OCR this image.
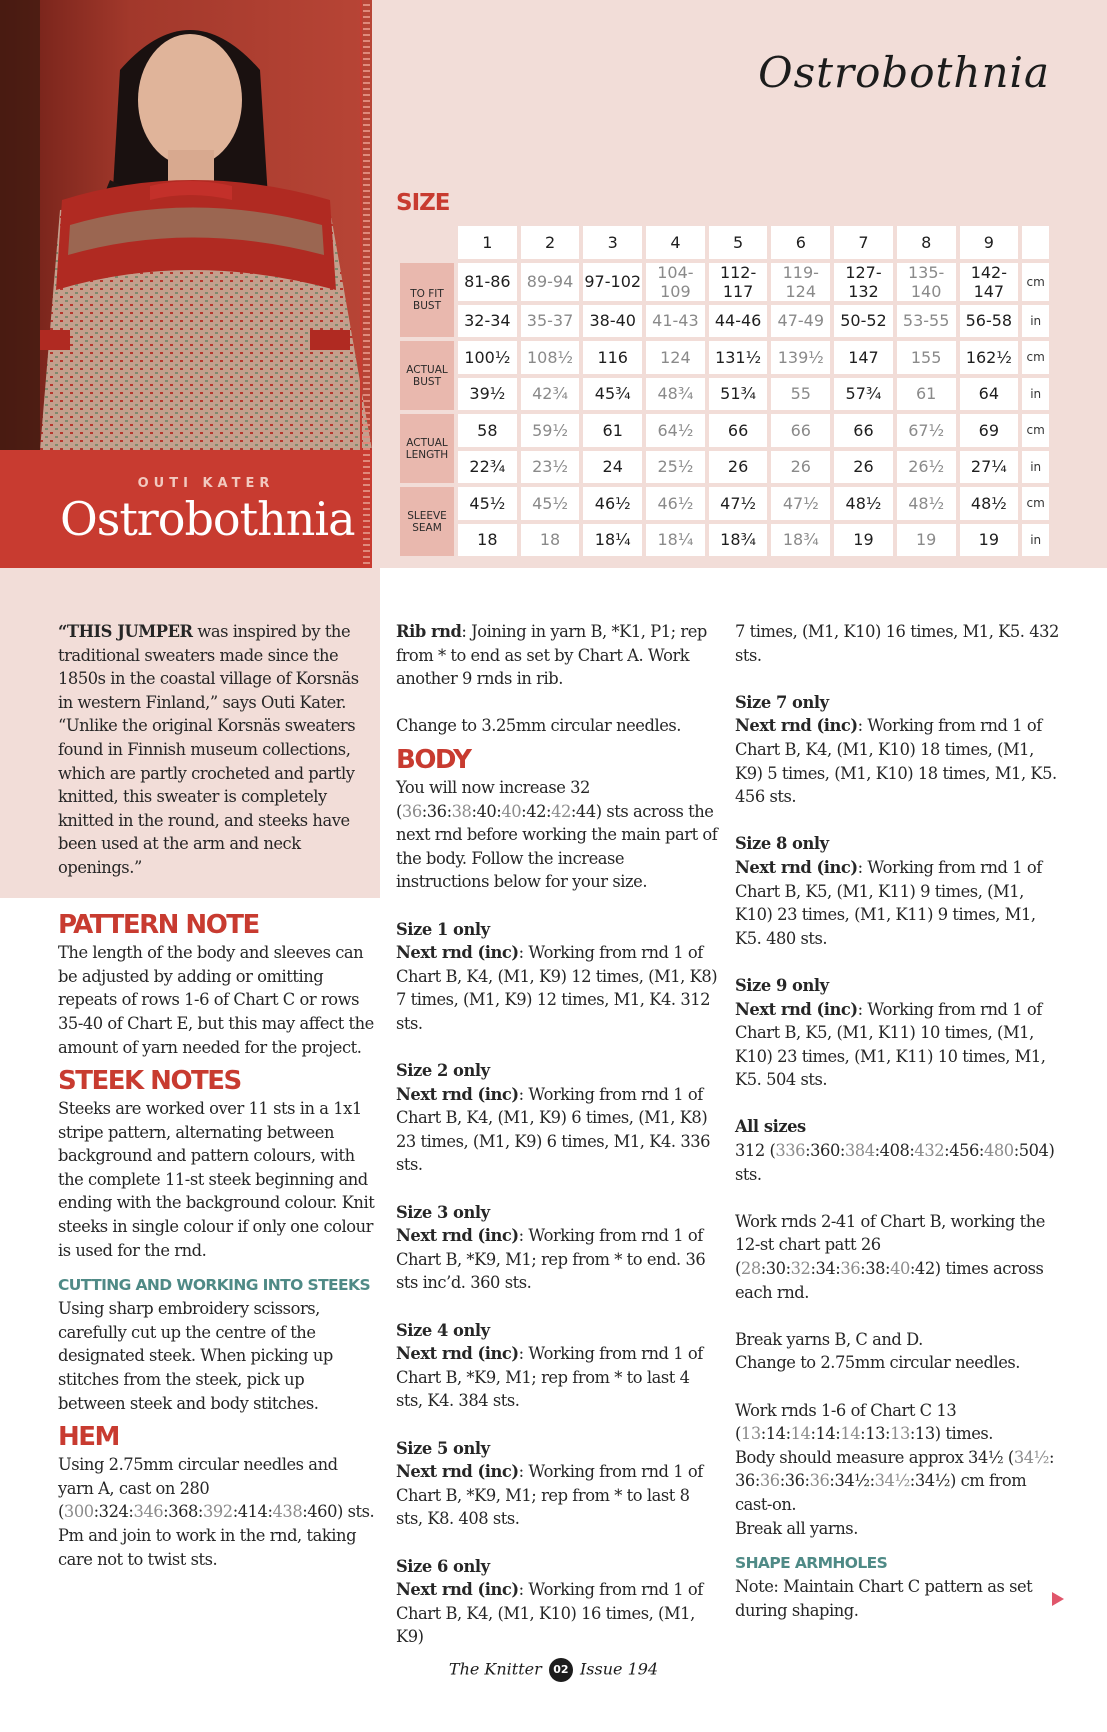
OUTI KATER
Ostrobothnia
Ostrobothnia
SIZE
	1	2	3	4	5	6	7	8	9	

TO FIT
BUST	81-86	89-94	97-102	104-109	112-117	119-124	127-132	135-140	142-147	cm
	32-34	35-37	38-40	41-43	44-46	47-49	50-52	53-55	56-58	in

ACTUAL
BUST	100½	108½	116	124	131½	139½	147	155	162½	cm
	39½	42¾	45¾	48¾	51¾	55	57¾	61	64	in

ACTUAL
LENGTH	58	59½	61	64½	66	66	66	67½	69	cm
	22¾	23½	24	25½	26	26	26	26½	27¼	in

SLEEVE
SEAM	45½	45½	46½	46½	47½	47½	48½	48½	48½	cm
	18	18	18¼	18¼	18¾	18¾	19	19	19	in

“THIS JUMPER was inspired by the traditional sweaters made since the 1850s in the coastal village of Korsnäs in western Finland,” says Outi Kater. “Unlike the original Korsnäs sweaters found in Finnish museum collections, which are partly crocheted and partly knitted, this sweater is completely knitted in the round, and steeks have been used at the arm and neck openings.”

PATTERN NOTE

The length of the body and sleeves can be adjusted by adding or omitting repeats of rows 1-6 of Chart C or rows 35-40 of Chart E, but this may affect the amount of yarn needed for the project.

STEEK NOTES

Steeks are worked over 11 sts in a 1x1 stripe pattern, alternating between background and pattern colours, with the complete 11-st steek beginning and ending with the background colour. Knit steeks in single colour if only one colour is used for the rnd.

CUTTING AND WORKING INTO STEEKS

Using sharp embroidery scissors, carefully cut up the centre of the designated steek. When picking up stitches from the steek, pick up between steek and body stitches.

HEM

Using 2.75mm circular needles and yarn A, cast on 280 (300:324:346:368:392:414:438:460) sts.

Pm and join to work in the rnd, taking care not to twist sts.

Rib rnd: Joining in yarn B, *K1, P1; rep from * to end as set by Chart A. Work another 9 rnds in rib.

Change to 3.25mm circular needles.

BODY

You will now increase 32 (36:36:38:40:40:42:42:44) sts across the next rnd before working the main part of the body. Follow the increase instructions below for your size.

Size 1 only

Next rnd (inc): Working from rnd 1 of Chart B, K4, (M1, K9) 12 times, (M1, K8) 7 times, (M1, K9) 12 times, M1, K4. 312 sts.

Size 2 only

Next rnd (inc): Working from rnd 1 of Chart B, K4, (M1, K9) 6 times, (M1, K8) 23 times, (M1, K9) 6 times, M1, K4. 336 sts.

Size 3 only

Next rnd (inc): Working from rnd 1 of Chart B, *K9, M1; rep from * to end. 36 sts inc’d. 360 sts.

Size 4 only

Next rnd (inc): Working from rnd 1 of Chart B, *K9, M1; rep from * to last 4 sts, K4. 384 sts.

Size 5 only

Next rnd (inc): Working from rnd 1 of Chart B, *K9, M1; rep from * to last 8 sts, K8. 408 sts.

Size 6 only

Next rnd (inc): Working from rnd 1 of Chart B, K4, (M1, K10) 16 times, (M1, K9)

7 times, (M1, K10) 16 times, M1, K5. 432 sts.

Size 7 only

Next rnd (inc): Working from rnd 1 of Chart B, K4, (M1, K10) 18 times, (M1, K9) 5 times, (M1, K10) 18 times, M1, K5. 456 sts.

Size 8 only

Next rnd (inc): Working from rnd 1 of Chart B, K5, (M1, K11) 9 times, (M1, K10) 23 times, (M1, K11) 9 times, M1, K5. 480 sts.

Size 9 only

Next rnd (inc): Working from rnd 1 of Chart B, K5, (M1, K11) 10 times, (M1, K10) 23 times, (M1, K11) 10 times, M1, K5. 504 sts.

All sizes

312 (336:360:384:408:432:456:480:504) sts.

Work rnds 2-41 of Chart B, working the 12-st chart patt 26 (28:30:32:34:36:38:40:42) times across each rnd.

Break yarns B, C and D.

Change to 2.75mm circular needles.

Work rnds 1-6 of Chart C 13 (13:14:14:14:14:13:13:13) times.

Body should measure approx 34½ (34½: 36:36:36:36:34½:34½:34½) cm from cast-on.

Break all yarns.

SHAPE ARMHOLES

Note: Maintain Chart C pattern as set during shaping.

The Knitter 02 Issue 194
